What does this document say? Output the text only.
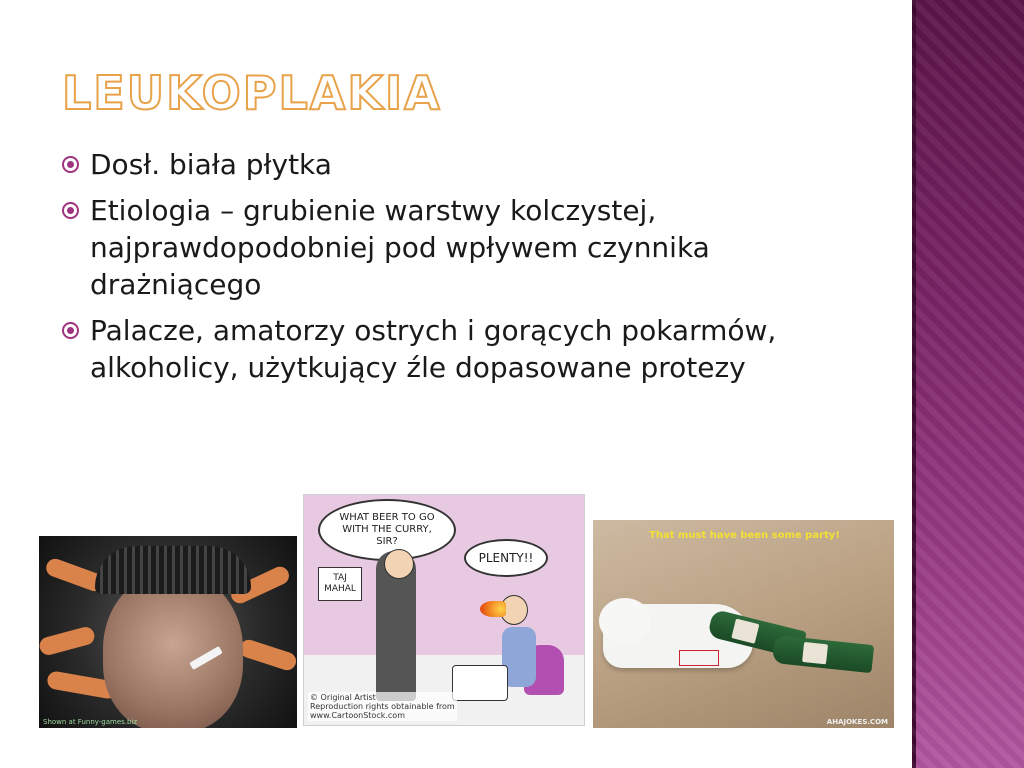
LEUKOPLAKIA
Dosł. biała płytka
Etiologia – grubienie warstwy kolczystej, najprawdopodobniej pod wpływem czynnika drażniącego
Palacze, amatorzy ostrych i gorących pokarmów, alkoholicy, użytkujący źle dopasowane protezy
Shown at Funny-games.biz
WHAT BEER TO GO WITH THE CURRY, SIR?
PLENTY!!
TAJ MAHAL
© Original Artist
Reproduction rights obtainable from
www.CartoonStock.com
That must have been some party!
AHAJOKES.COM
